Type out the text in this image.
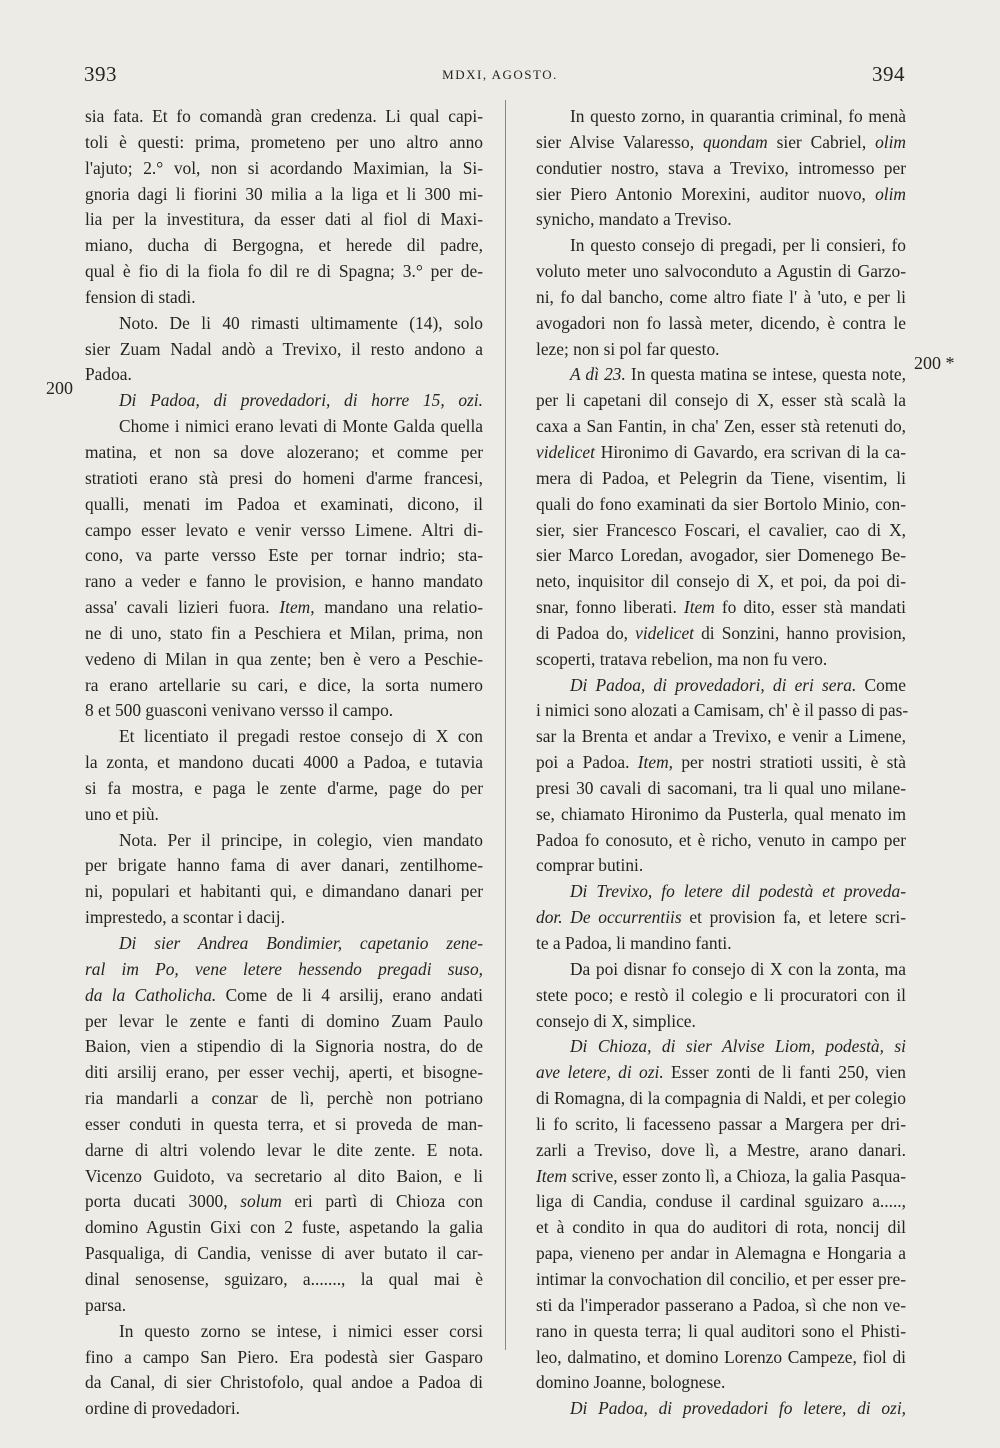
393	MDXI, AGOSTO.	394
200
200 *
sia fata. Et fo comandà gran credenza. Li qual capi-
toli è questi: prima, prometeno per uno altro anno
l'ajuto; 2.° vol, non si acordando Maximian, la Si-
gnoria dagi li fiorini 30 milia a la liga et li 300 mi-
lia per la investitura, da esser dati al fiol di Maxi-
miano, ducha di Bergogna, et herede dil padre,
qual è fio di la fiola fo dil re di Spagna; 3.° per de-
fension di stadi.
Noto. De li 40 rimasti ultimamente (14), solo
sier Zuam Nadal andò a Trevixo, il resto andono a
Padoa.
Di Padoa, di provedadori, di horre 15, ozi.
Chome i nimici erano levati di Monte Galda quella
matina, et non sa dove alozerano; et comme per
stratioti erano stà presi do homeni d'arme francesi,
qualli, menati im Padoa et examinati, dicono, il
campo esser levato e venir versso Limene. Altri di-
cono, va parte versso Este per tornar indrio; sta-
rano a veder e fanno le provision, e hanno mandato
assa' cavali lizieri fuora. Item, mandano una relatio-
ne di uno, stato fin a Peschiera et Milan, prima, non
vedeno di Milan in qua zente; ben è vero a Peschie-
ra erano artellarie su cari, e dice, la sorta numero
8 et 500 guasconi venivano versso il campo.
Et licentiato il pregadi restoe consejo di X con
la zonta, et mandono ducati 4000 a Padoa, e tutavia
si fa mostra, e paga le zente d'arme, page do per
uno et più.
Nota. Per il principe, in colegio, vien mandato
per brigate hanno fama di aver danari, zentilhome-
ni, populari et habitanti qui, e dimandano danari per
imprestedo, a scontar i dacij.
Di sier Andrea Bondimier, capetanio zene-
ral im Po, vene letere hessendo pregadi suso,
da la Catholicha. Come de li 4 arsilij, erano andati
per levar le zente e fanti di domino Zuam Paulo
Baion, vien a stipendio di la Signoria nostra, do de
diti arsilij erano, per esser vechij, aperti, et bisogne-
ria mandarli a conzar de lì, perchè non potriano
esser conduti in questa terra, et si proveda de man-
darne di altri volendo levar le dite zente. E nota.
Vicenzo Guidoto, va secretario al dito Baion, e li
porta ducati 3000, solum eri partì di Chioza con
domino Agustin Gixi con 2 fuste, aspetando la galia
Pasqualiga, di Candia, venisse di aver butato il car-
dinal senosense, sguizaro, a......., la qual mai è
parsa.
In questo zorno se intese, i nimici esser corsi
fino a campo San Piero. Era podestà sier Gasparo
da Canal, di sier Christofolo, qual andoe a Padoa di
ordine di provedadori.
In questo zorno, in quarantia criminal, fo menà
sier Alvise Valaresso, quondam sier Cabriel, olim
condutier nostro, stava a Trevixo, intromesso per
sier Piero Antonio Morexini, auditor nuovo, olim
synicho, mandato a Treviso.
In questo consejo di pregadi, per li consieri, fo
voluto meter uno salvoconduto a Agustin di Garzo-
ni, fo dal bancho, come altro fiate l' à 'uto, e per li
avogadori non fo lassà meter, dicendo, è contra le
leze; non si pol far questo.
A dì 23. In questa matina se intese, questa note,
per li capetani dil consejo di X, esser stà scalà la
caxa a San Fantin, in cha' Zen, esser stà retenuti do,
videlicet Hironimo di Gavardo, era scrivan di la ca-
mera di Padoa, et Pelegrin da Tiene, visentim, li
quali do fono examinati da sier Bortolo Minio, con-
sier, sier Francesco Foscari, el cavalier, cao di X,
sier Marco Loredan, avogador, sier Domenego Be-
neto, inquisitor dil consejo di X, et poi, da poi di-
snar, fonno liberati. Item fo dito, esser stà mandati
di Padoa do, videlicet di Sonzini, hanno provision,
scoperti, tratava rebelion, ma non fu vero.
Di Padoa, di provedadori, di eri sera. Come
i nimici sono alozati a Camisam, ch' è il passo di pas-
sar la Brenta et andar a Trevixo, e venir a Limene,
poi a Padoa. Item, per nostri stratioti ussiti, è stà
presi 30 cavali di sacomani, tra li qual uno milane-
se, chiamato Hironimo da Pusterla, qual menato im
Padoa fo conosuto, et è richo, venuto in campo per
comprar butini.
Di Trevixo, fo letere dil podestà et proveda-
dor. De occurrentiis et provision fa, et letere scri-
te a Padoa, li mandino fanti.
Da poi disnar fo consejo di X con la zonta, ma
stete poco; e restò il colegio e li procuratori con il
consejo di X, simplice.
Di Chioza, di sier Alvise Liom, podestà, si
ave letere, di ozi. Esser zonti de li fanti 250, vien
di Romagna, di la compagnia di Naldi, et per colegio
li fo scrito, li facesseno passar a Margera per dri-
zarli a Treviso, dove lì, a Mestre, arano danari.
Item scrive, esser zonto lì, a Chioza, la galia Pasqua-
liga di Candia, conduse il cardinal sguizaro a.....,
et à condito in qua do auditori di rota, noncij dil
papa, vieneno per andar in Alemagna e Hongaria a
intimar la convochation dil concilio, et per esser pre-
sti da l'imperador passerano a Padoa, sì che non ve-
rano in questa terra; li qual auditori sono el Phisti-
leo, dalmatino, et domino Lorenzo Campeze, fiol di
domino Joanne, bolognese.
Di Padoa, di provedadori fo letere, di ozi,
